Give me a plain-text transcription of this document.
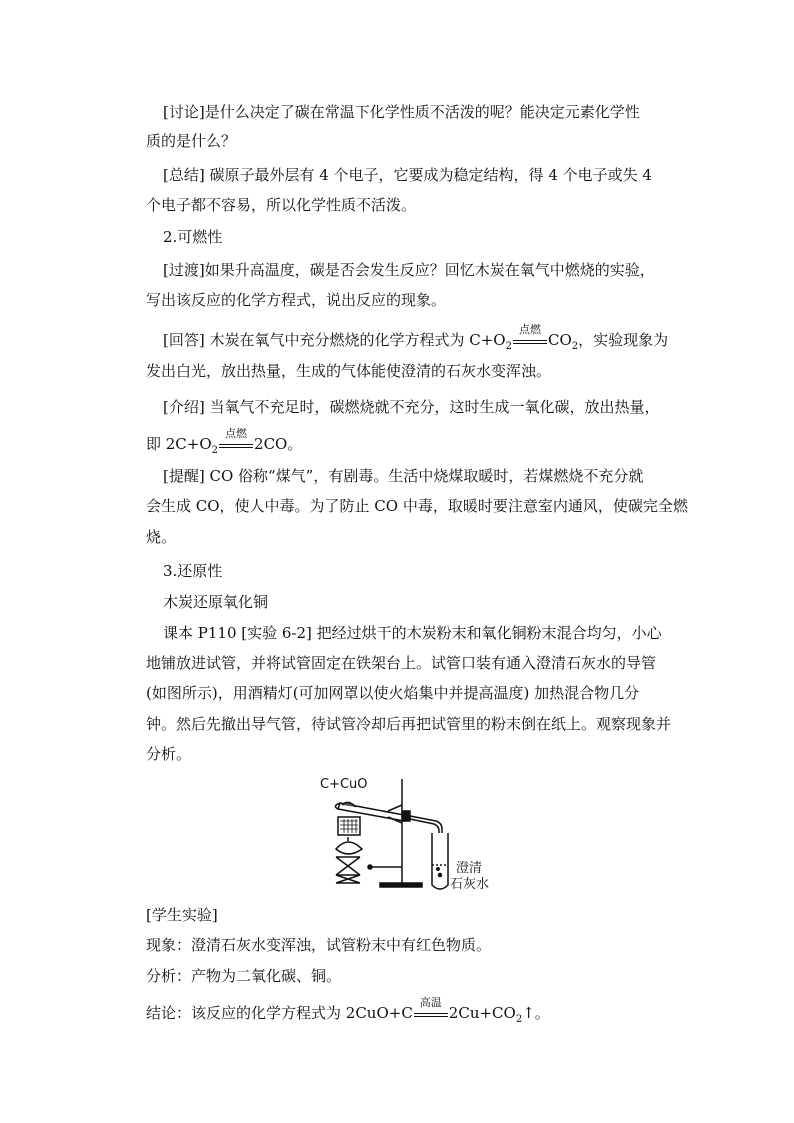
[讨论]是什么决定了碳在常温下化学性质不活泼的呢？能决定元素化学性
质的是什么？
[总结] 碳原子最外层有 4 个电子，它要成为稳定结构，得 4 个电子或失 4
个电子都不容易，所以化学性质不活泼。
2.可燃性
[过渡]如果升高温度，碳是否会发生反应？回忆木炭在氧气中燃烧的实验，
写出该反应的化学方程式，说出反应的现象。
[回答] 木炭在氧气中充分燃烧的化学方程式为 $C+O_2$
点燃
$CO_2$，实验现象为
发出白光，放出热量，生成的气体能使澄清的石灰水变浑浊。
[介绍] 当氧气不充足时，碳燃烧就不充分，这时生成一氧化碳，放出热量，
即 $2C+O_2$
点燃
2CO。
[提醒] CO 俗称“煤气”，有剧毒。生活中烧煤取暖时，若煤燃烧不充分就
会生成 CO，使人中毒。为了防止 CO 中毒，取暖时要注意室内通风，使碳完全燃
烧。
3.还原性
木炭还原氧化铜
课本 P110 [实验 6-2] 把经过烘干的木炭粉末和氧化铜粉末混合均匀，小心
地铺放进试管，并将试管固定在铁架台上。试管口装有通入澄清石灰水的导管
(如图所示)，用酒精灯(可加网罩以使火焰集中并提高温度) 加热混合物几分
钟。然后先撤出导气管，待试管冷却后再把试管里的粉末倒在纸上。观察现象并
分析。
C+CuO
澄清
石灰水
[学生实验]
现象：澄清石灰水变浑浊，试管粉末中有红色物质。
分析：产物为二氧化碳、铜。
结论：该反应的化学方程式为 2CuO+C
高温
$2Cu+CO_2↑$。
